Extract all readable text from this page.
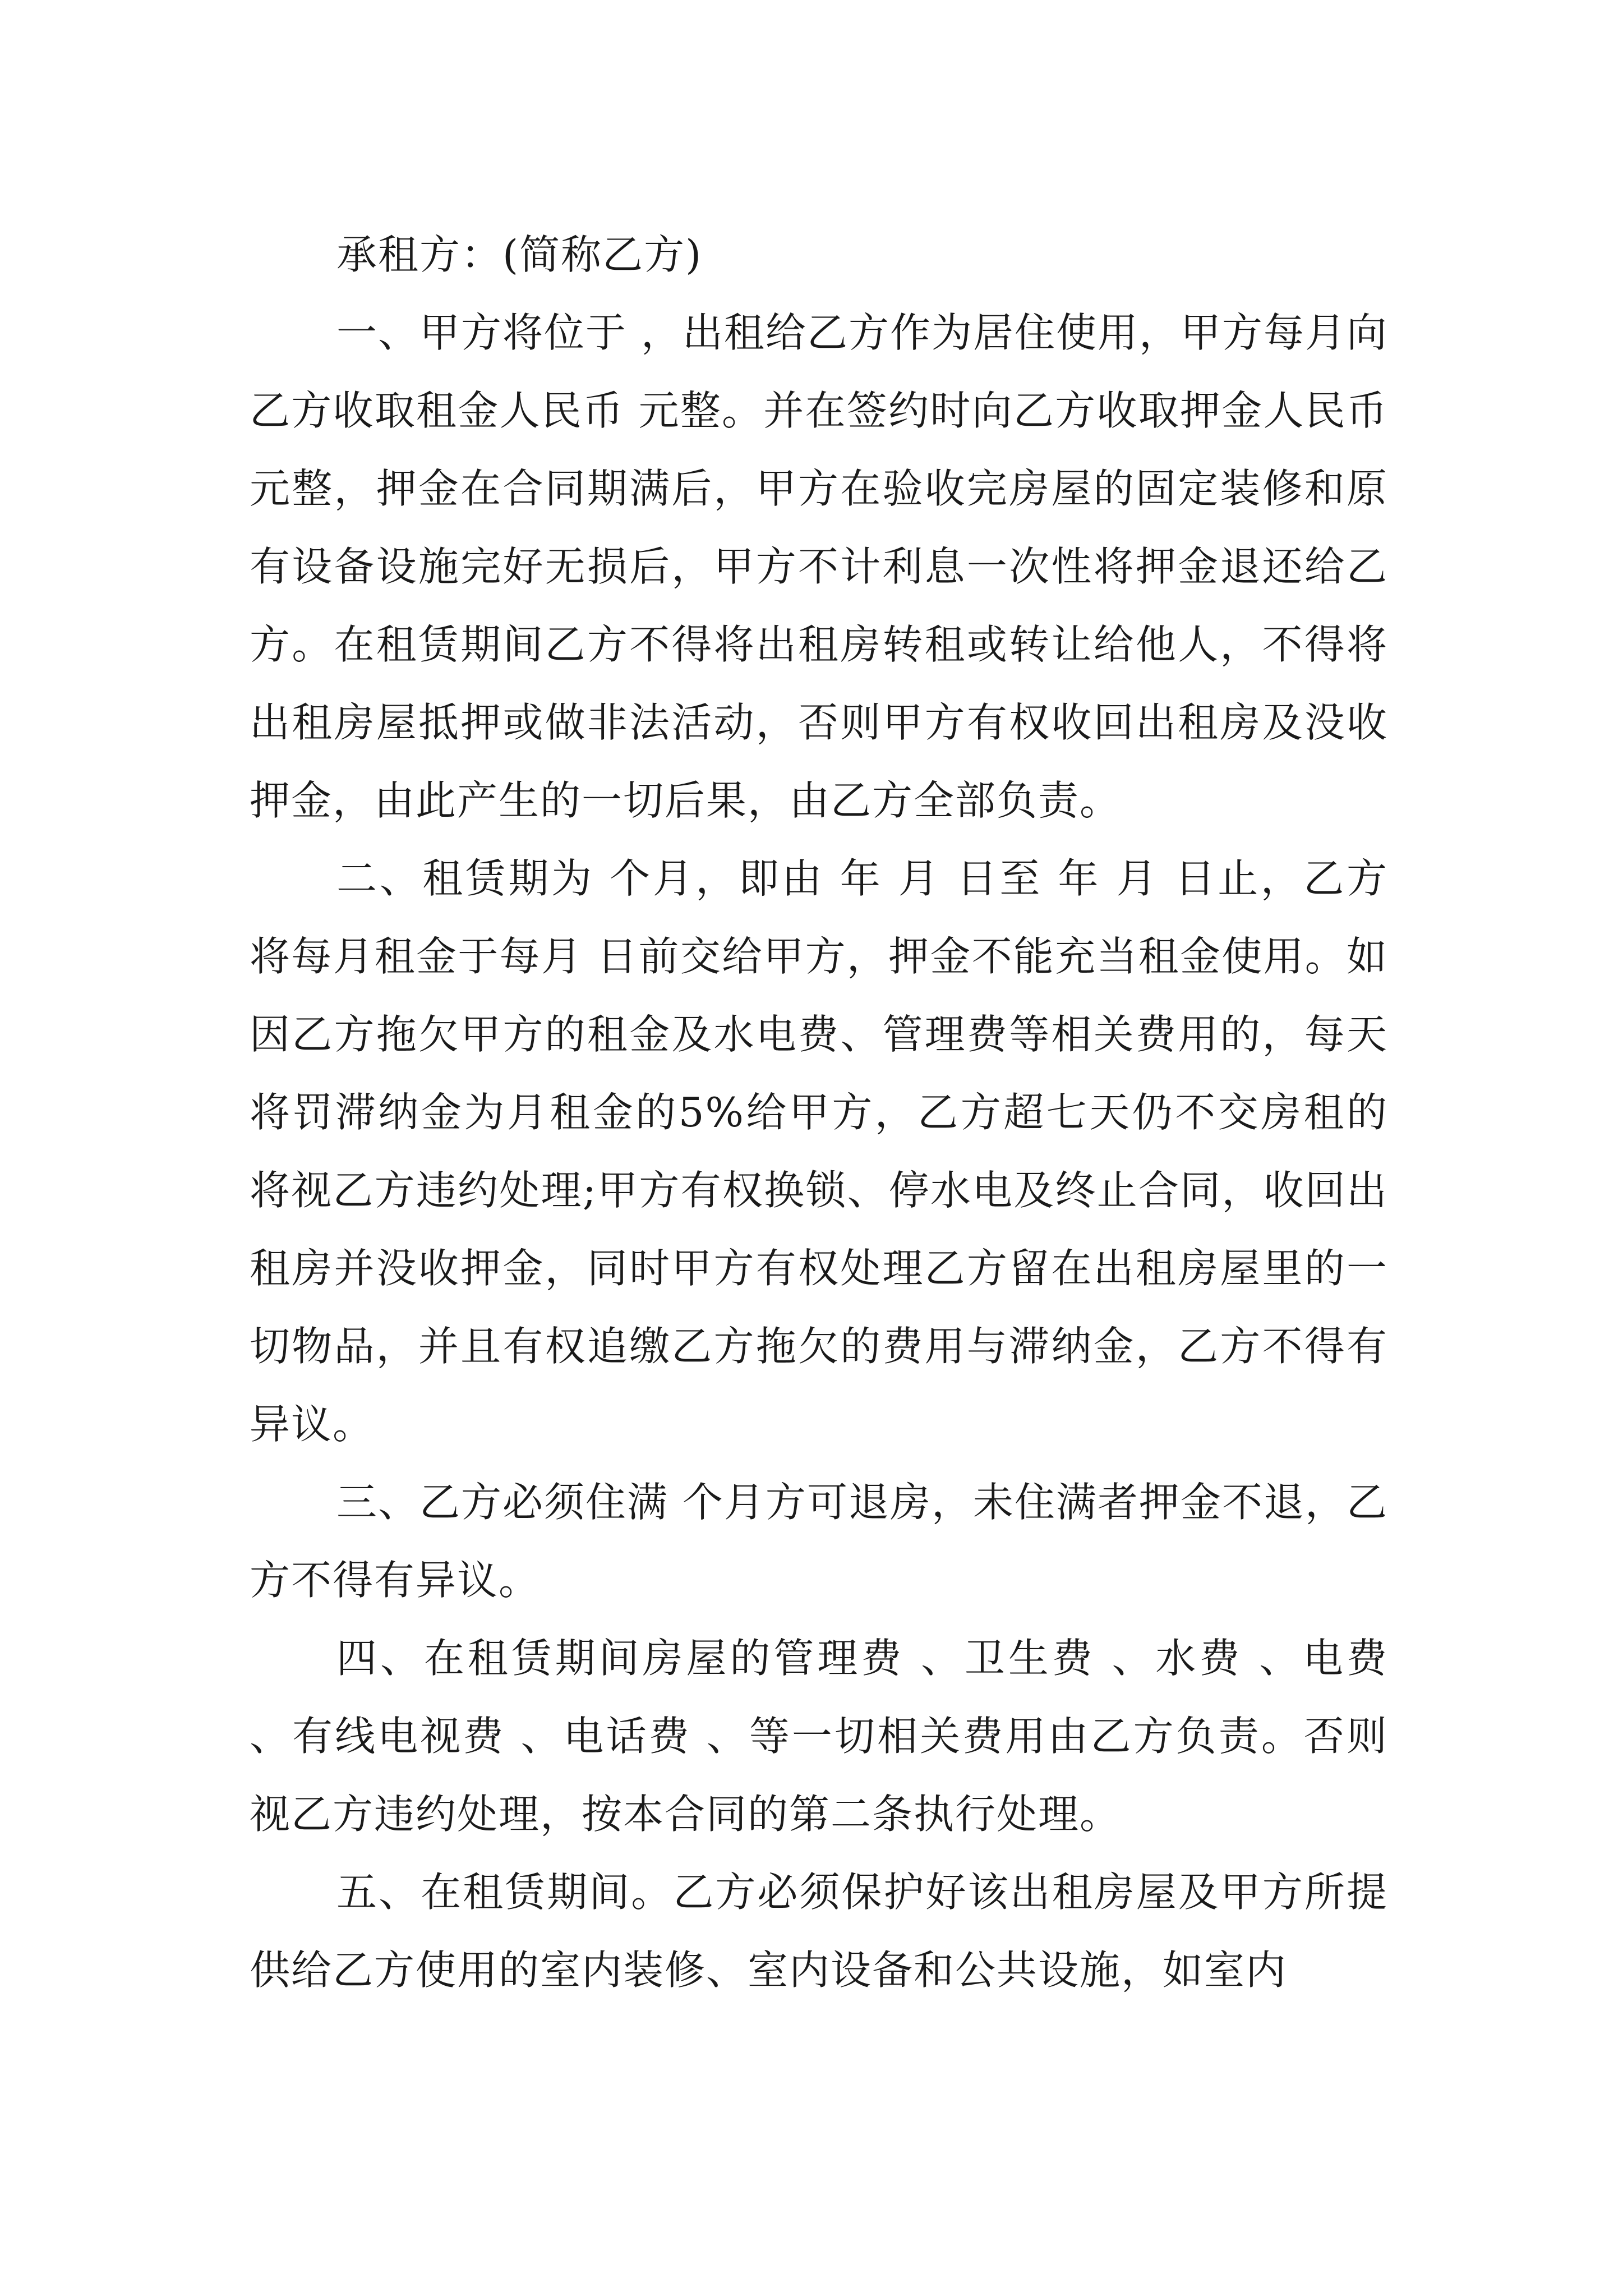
承租方：(简称乙方)

一、甲方将位于 ，出租给乙方作为居住使用，甲方每月向乙方收取租金人民币 元整。并在签约时向乙方收取押金人民币 元整，押金在合同期满后，甲方在验收完房屋的固定装修和原有设备设施完好无损后，甲方不计利息一次性将押金退还给乙方。在租赁期间乙方不得将出租房转租或转让给他人，不得将出租房屋抵押或做非法活动，否则甲方有权收回出租房及没收押金，由此产生的一切后果，由乙方全部负责。

二、租赁期为 个月，即由 年 月 日至 年 月 日止，乙方将每月租金于每月 日前交给甲方，押金不能充当租金使用。如因乙方拖欠甲方的租金及水电费、管理费等相关费用的，每天将罚滞纳金为月租金的5%给甲方，乙方超七天仍不交房租的将视乙方违约处理;甲方有权换锁、停水电及终止合同，收回出租房并没收押金，同时甲方有权处理乙方留在出租房屋里的一切物品，并且有权追缴乙方拖欠的费用与滞纳金，乙方不得有异议。

三、乙方必须住满 个月方可退房，未住满者押金不退，乙方不得有异议。

四、在租赁期间房屋的管理费 、卫生费 、水费 、电费 、有线电视费 、电话费 、等一切相关费用由乙方负责。否则视乙方违约处理，按本合同的第二条执行处理。

五、在租赁期间。乙方必须保护好该出租房屋及甲方所提供给乙方使用的室内装修、室内设备和公共设施，如室内
